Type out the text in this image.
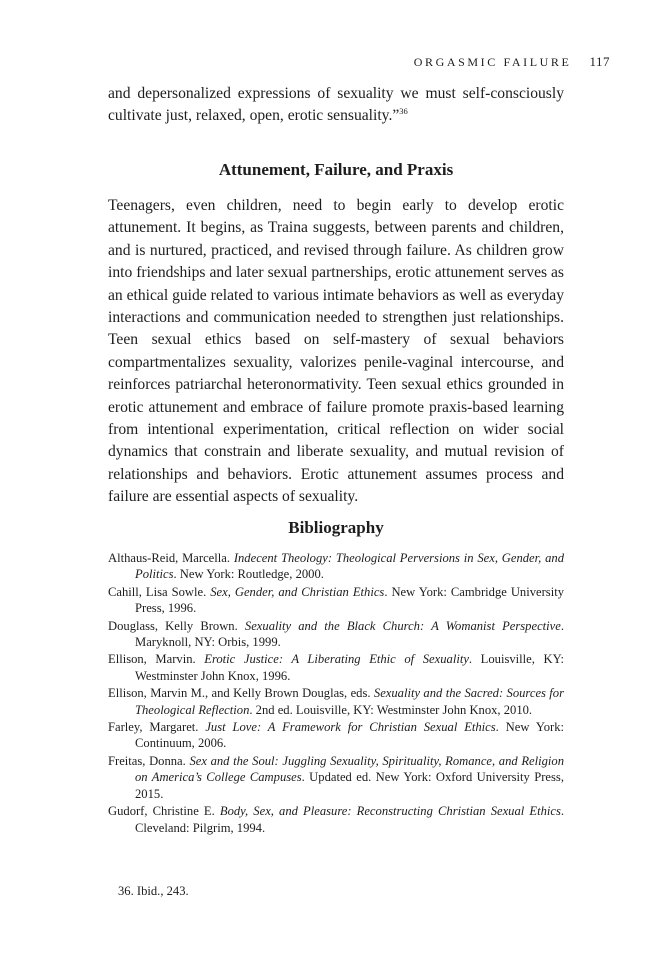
ORGASMIC FAILURE 117

and depersonalized expressions of sexuality we must self-consciously cultivate just, relaxed, open, erotic sensuality.”$^{36}$

Attunement, Failure, and Praxis

Teenagers, even children, need to begin early to develop erotic attunement. It begins, as Traina suggests, between parents and children, and is nurtured, practiced, and revised through failure. As children grow into friendships and later sexual partnerships, erotic attunement serves as an ethical guide related to various intimate behaviors as well as everyday interactions and communication needed to strengthen just relationships. Teen sexual ethics based on self-mastery of sexual behaviors compartmentalizes sexuality, valorizes penile-vaginal intercourse, and reinforces patriarchal heteronormativity. Teen sexual ethics grounded in erotic attunement and embrace of failure promote praxis-based learning from intentional experimentation, critical reflection on wider social dynamics that constrain and liberate sexuality, and mutual revision of relationships and behaviors. Erotic attunement assumes process and failure are essential aspects of sexuality.

Bibliography

Althaus-Reid, Marcella. Indecent Theology: Theological Perversions in Sex, Gender, and Politics. New York: Routledge, 2000.

Cahill, Lisa Sowle. Sex, Gender, and Christian Ethics. New York: Cambridge University Press, 1996.

Douglass, Kelly Brown. Sexuality and the Black Church: A Womanist Perspective. Maryknoll, NY: Orbis, 1999.

Ellison, Marvin. Erotic Justice: A Liberating Ethic of Sexuality. Louisville, KY: Westminster John Knox, 1996.

Ellison, Marvin M., and Kelly Brown Douglas, eds. Sexuality and the Sacred: Sources for Theological Reflection. 2nd ed. Louisville, KY: Westminster John Knox, 2010.

Farley, Margaret. Just Love: A Framework for Christian Sexual Ethics. New York: Continuum, 2006.

Freitas, Donna. Sex and the Soul: Juggling Sexuality, Spirituality, Romance, and Religion on America’s College Campuses. Updated ed. New York: Oxford University Press, 2015.

Gudorf, Christine E. Body, Sex, and Pleasure: Reconstructing Christian Sexual Ethics. Cleveland: Pilgrim, 1994.

36. Ibid., 243.
